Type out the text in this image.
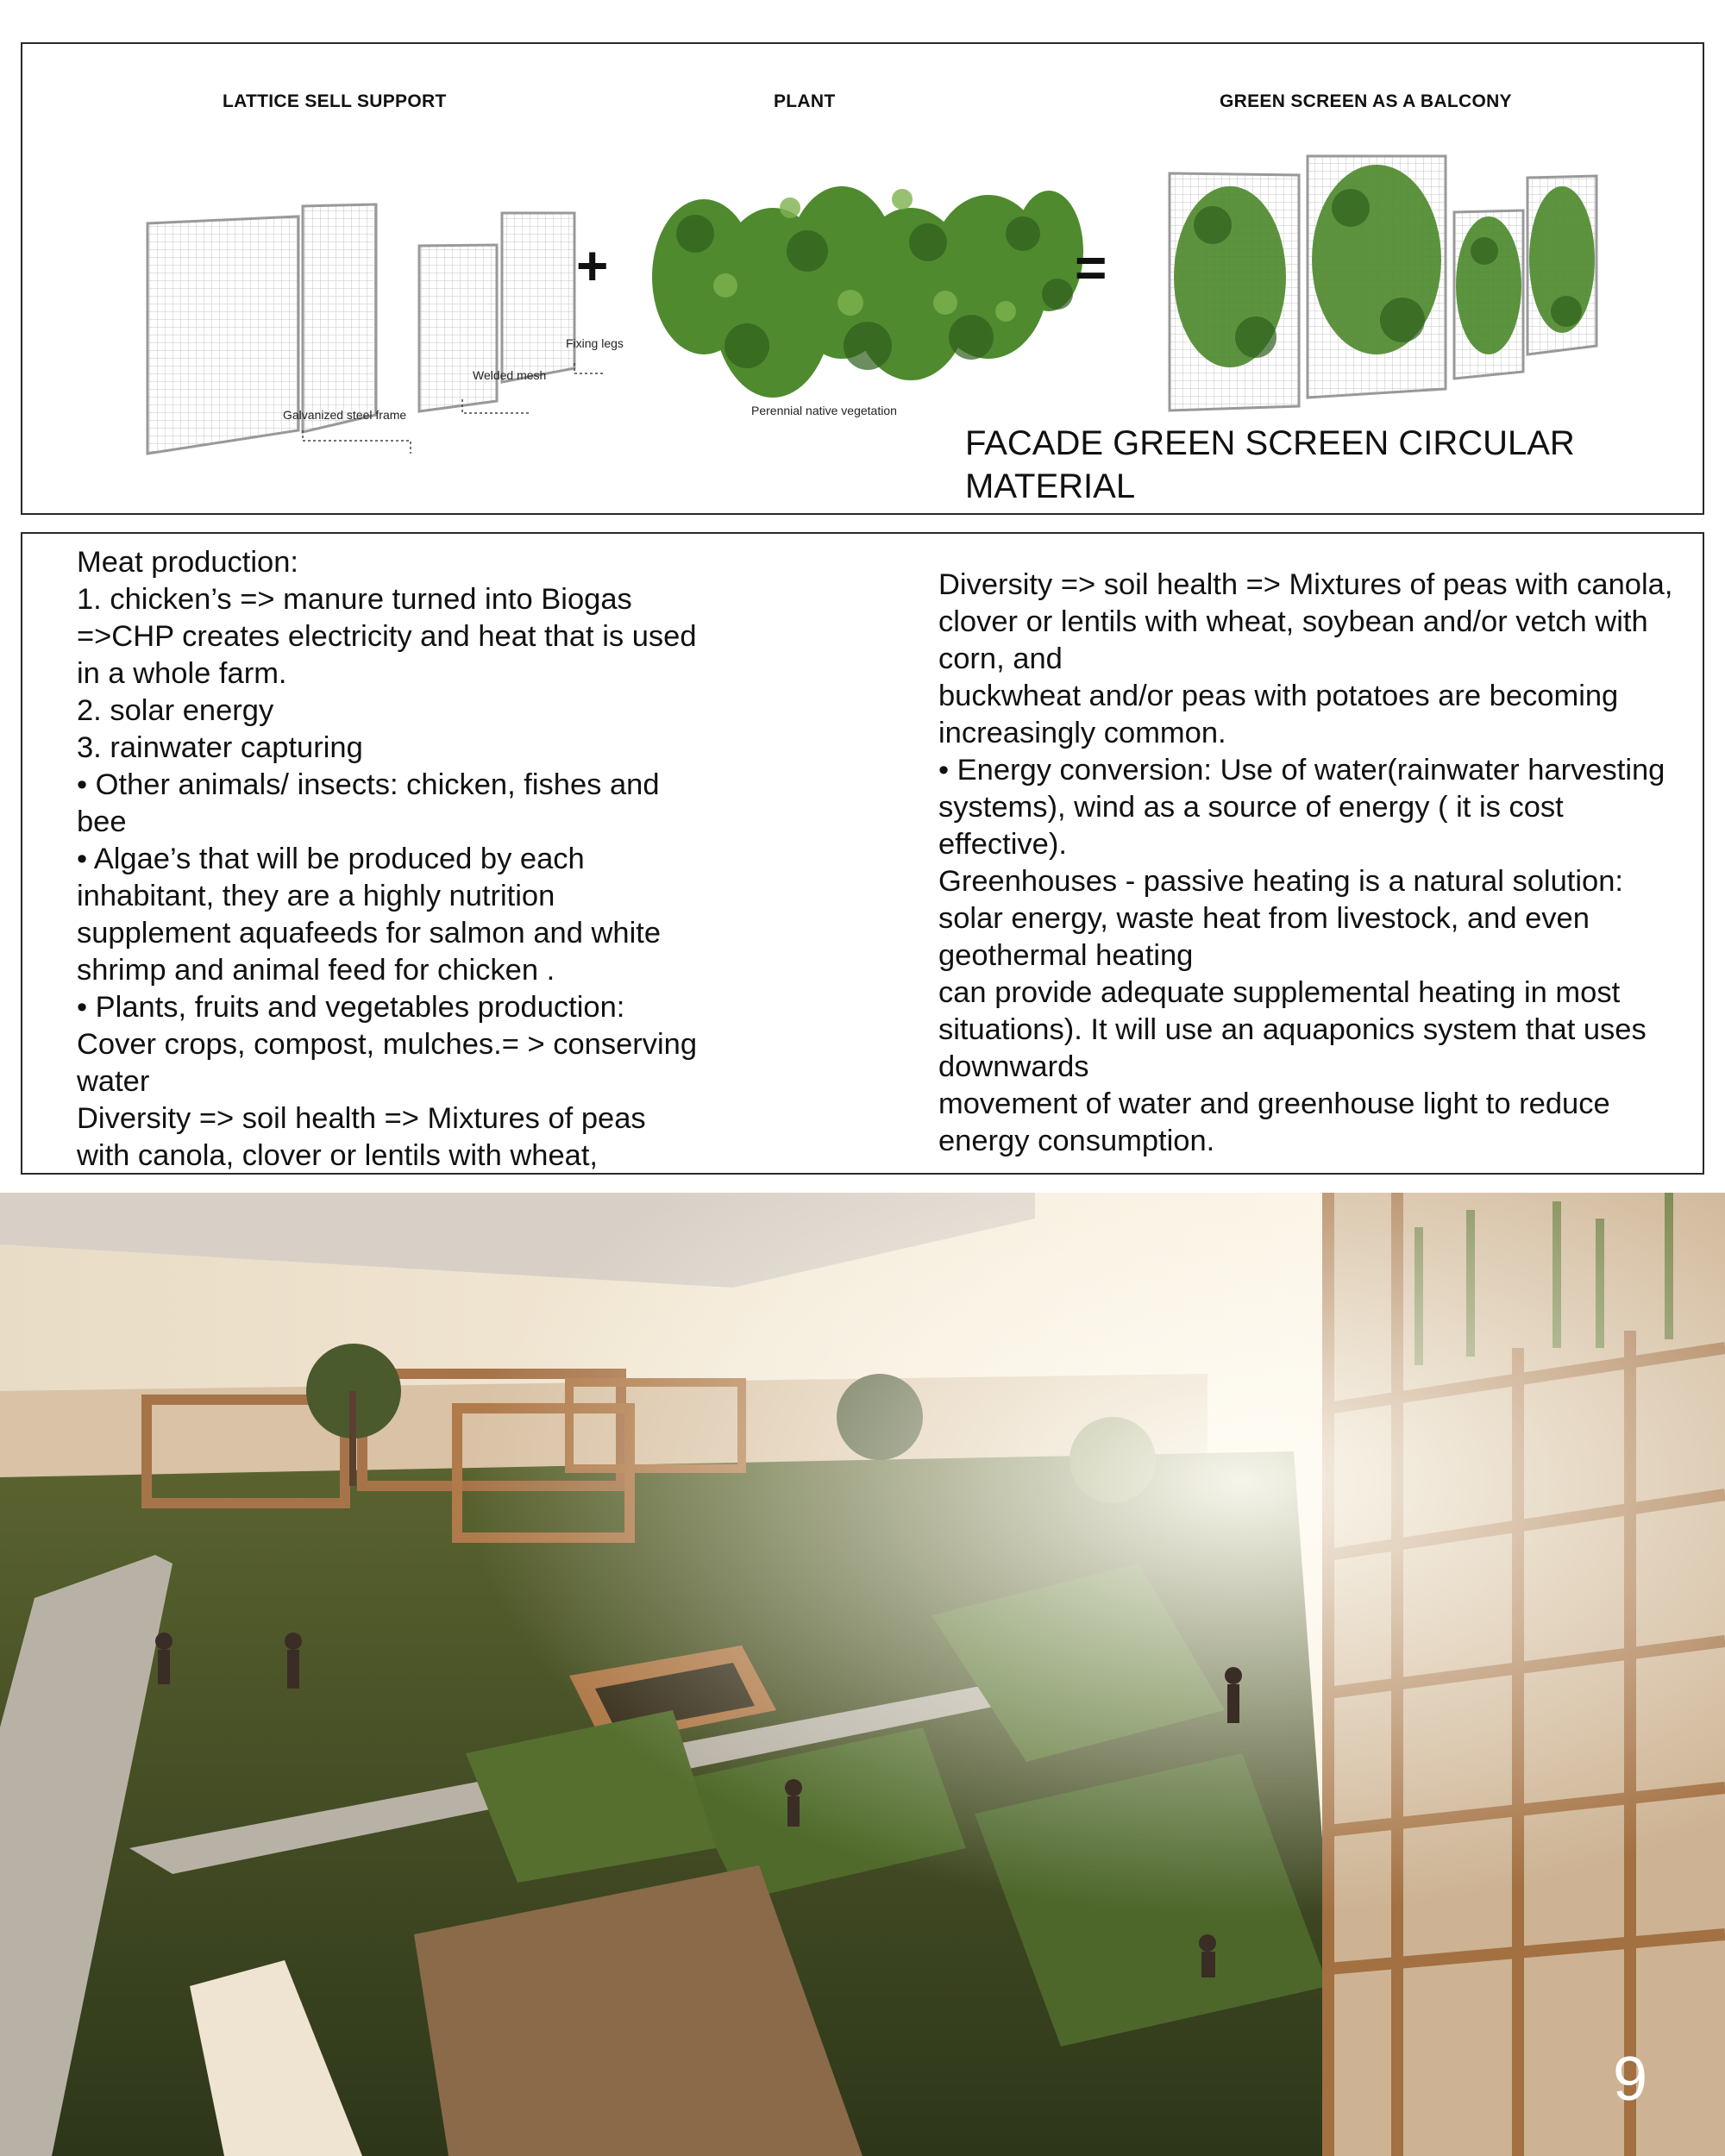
LATTICE SELL SUPPORT	PLANT	GREEN SCREEN AS A BALCONY
Galvanized steel frame
Welded mesh
Fixing legs
+
Perennial native vegetation
=
FACADE GREEN SCREEN CIRCULAR MATERIAL
Meat production:
1. chicken’s => manure turned into Biogas =>CHP creates electricity and heat that is used in a whole farm.
2. solar energy
3. rainwater capturing
• Other animals/ insects: chicken, fishes and bee
• Algae’s that will be produced by each inhabitant, they are a highly nutrition supplement aquafeeds for salmon and white shrimp and animal feed for chicken .
• Plants, fruits and vegetables production: Cover crops, compost, mulches.= > conserving water
Diversity => soil health => Mixtures of peas with canola, clover or lentils with wheat,
Diversity => soil health => Mixtures of peas with canola, clover or lentils with wheat, soybean and/or vetch with corn, and
buckwheat and/or peas with potatoes are becoming increasingly common.
• Energy conversion: Use of water(rainwater harvesting systems), wind as a source of energy ( it is cost effective).
Greenhouses - passive heating is a natural solution: solar energy, waste heat from livestock, and even geothermal heating
can provide adequate supplemental heating in most situations). It will use an aquaponics system that uses downwards
movement of water and greenhouse light to reduce energy consumption.
9
